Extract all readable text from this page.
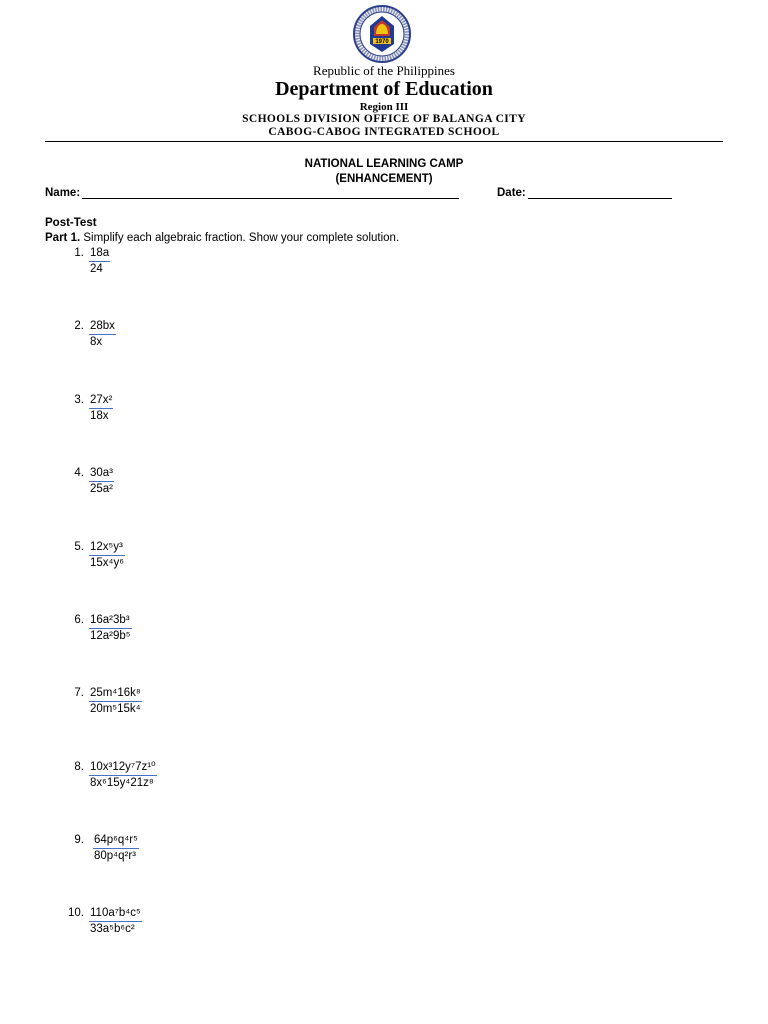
1970
Republic of the Philippines
Department of Education
Region III
SCHOOLS DIVISION OFFICE OF BALANGA CITY
CABOG-CABOG INTEGRATED SCHOOL
NATIONAL LEARNING CAMP
(ENHANCEMENT)
Name:	Date:
Post-Test
Part 1. Simplify each algebraic fraction. Show your complete solution.
1. $\frac{18a}{24}$
2. $\frac{28bx}{8x}$
3. $\frac{\text{27x²}}{18x}$
4. $\frac{\text{30a³}}{\text{25a²}}$
5. $\frac{\text{12x⁵y³}}{\text{15x⁴y⁶}}$
6. $\frac{\text{16a²3b³}}{\text{12a²9b⁵}}$
7. $\frac{\text{25m⁴16k⁸}}{\text{20m⁵15k⁴}}$
8. $\frac{\text{10x³12y⁷7z¹⁰}}{\text{8x⁶15y⁴21z⁸}}$
9. $\frac{\text{64p⁶q⁴r⁵}}{\text{80p⁴q²r³}}$
10. $\frac{\text{110a⁷b⁴c⁵}}{\text{33a⁵b⁶c²}}$
